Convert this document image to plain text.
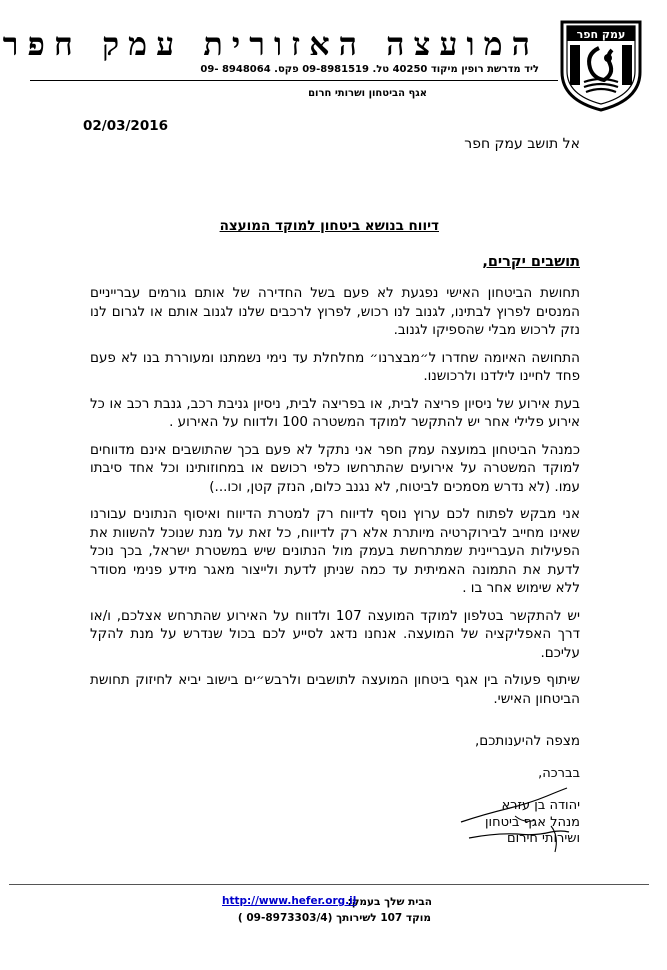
עמק חפר
המועצה האזורית עמק חפר
ליד מדרשת רופין מיקוד 40250 טל. 09-8981519 פקס. 8948064 -09
אגף הביטחון ושרותי חרום
02/03/2016
אל תושב עמק חפר
דיווח בנושא ביטחון למוקד המועצה
תושבים יקרים,

תחושת הביטחון האישי נפגעת לא פעם בשל החדירה של אותם גורמים עברייניים המנסים לפרוץ לבתינו, לגנוב לנו רכוש, לפרוץ לרכבים שלנו לגנוב אותם או לגרום לנו נזק לרכוש מבלי שהספיקו לגנוב.

התחושה האיומה שחדרו ל״מבצרנו״ מחלחלת עד נימי נשמתנו ומעוררת בנו לא פעם פחד לחיינו לילדנו ולרכושנו.

בעת אירוע של ניסיון פריצה לבית, או בפריצה לבית, ניסיון גניבת רכב, גנבת רכב או כל אירוע פלילי אחר יש להתקשר למוקד המשטרה 100 ולדווח על האירוע .

כמנהל הביטחון במועצה עמק חפר אני נתקל לא פעם בכך שהתושבים אינם מדווחים למוקד המשטרה על אירועים שהתרחשו כלפי רכושם או במחוזותינו וכל אחד סיבתו עמו. (לא נדרש מסמכים לביטוח, לא נגנב כלום, הנזק קטן, וכו...)

אני מבקש לפתוח לכם ערוץ נוסף לדיווח רק למטרת הדיווח ואיסוף הנתונים עבורנו שאינו מחייב לבירוקרטיה מיותרת אלא רק לדיווח, כל זאת על מנת שנוכל להשוות את הפעילות העבריינית שמתרחשת בעמק מול הנתונים שיש במשטרת ישראל, בכך נוכל לדעת את התמונה האמיתית עד כמה שניתן לדעת ולייצור מאגר מידע פנימי מסודר ללא שימוש אחר בו .

יש להתקשר בטלפון למוקד המועצה 107 ולדווח על האירוע שהתרחש אצלכם, ו/או דרך האפליקציה של המועצה. אנחנו נדאג לסייע לכם בכול שנדרש על מנת להקל עליכם.

שיתוף פעולה בין אגף ביטחון המועצה לתושבים ולרבש״ים בישוב יביא לחיזוק תחושת הביטחון האישי.

מצפה להיענותכם,
בברכה,
יהודה בן עזרא
מנהל אגף ביטחון
ושירותי חירום
הבית שלך בעמק:
http://www.hefer.org.il
מוקד 107 לשירותך (09-8973303/4 )
